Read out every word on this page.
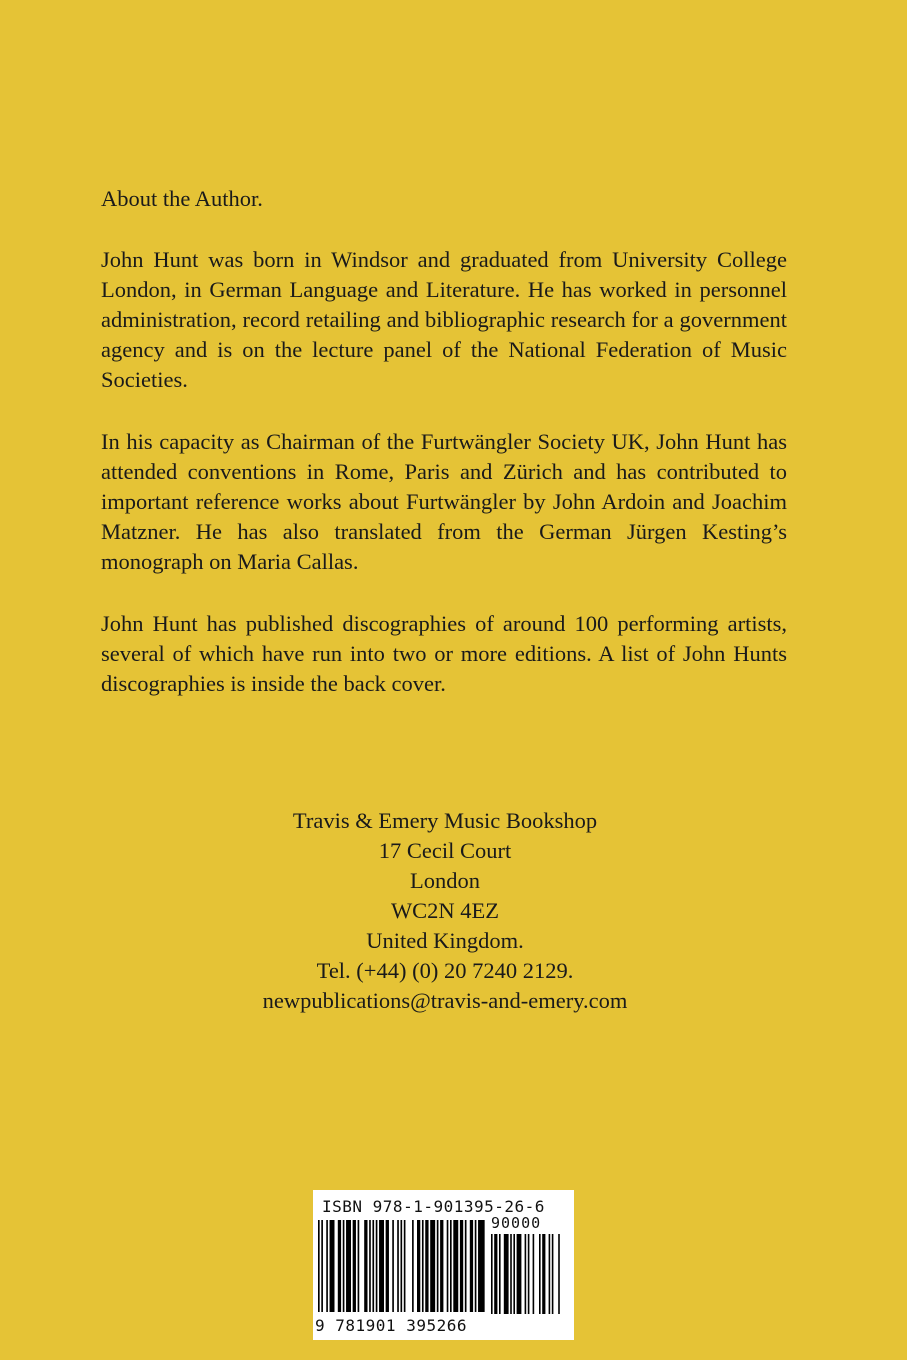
About the Author.

John Hunt was born in Windsor and graduated from University College London, in German Language and Literature. He has worked in personnel administration, record retailing and bibliographic research for a government agency and is on the lecture panel of the National Federation of Music Societies.

In his capacity as Chairman of the Furtwängler Society UK, John Hunt has attended conventions in Rome, Paris and Zürich and has contributed to important reference works about Furtwängler by John Ardoin and Joachim Matzner. He has also translated from the German Jürgen Kesting’s monograph on Maria Callas.

John Hunt has published discographies of around 100 performing artists, several of which have run into two or more editions. A list of John Hunts discographies is inside the back cover.

Travis & Emery Music Bookshop
17 Cecil Court
London
WC2N 4EZ
United Kingdom.
Tel. (+44) (0) 20 7240 2129.
newpublications@travis-and-emery.com
ISBN 978-1-901395-26-6
90000
9 781901 395266
